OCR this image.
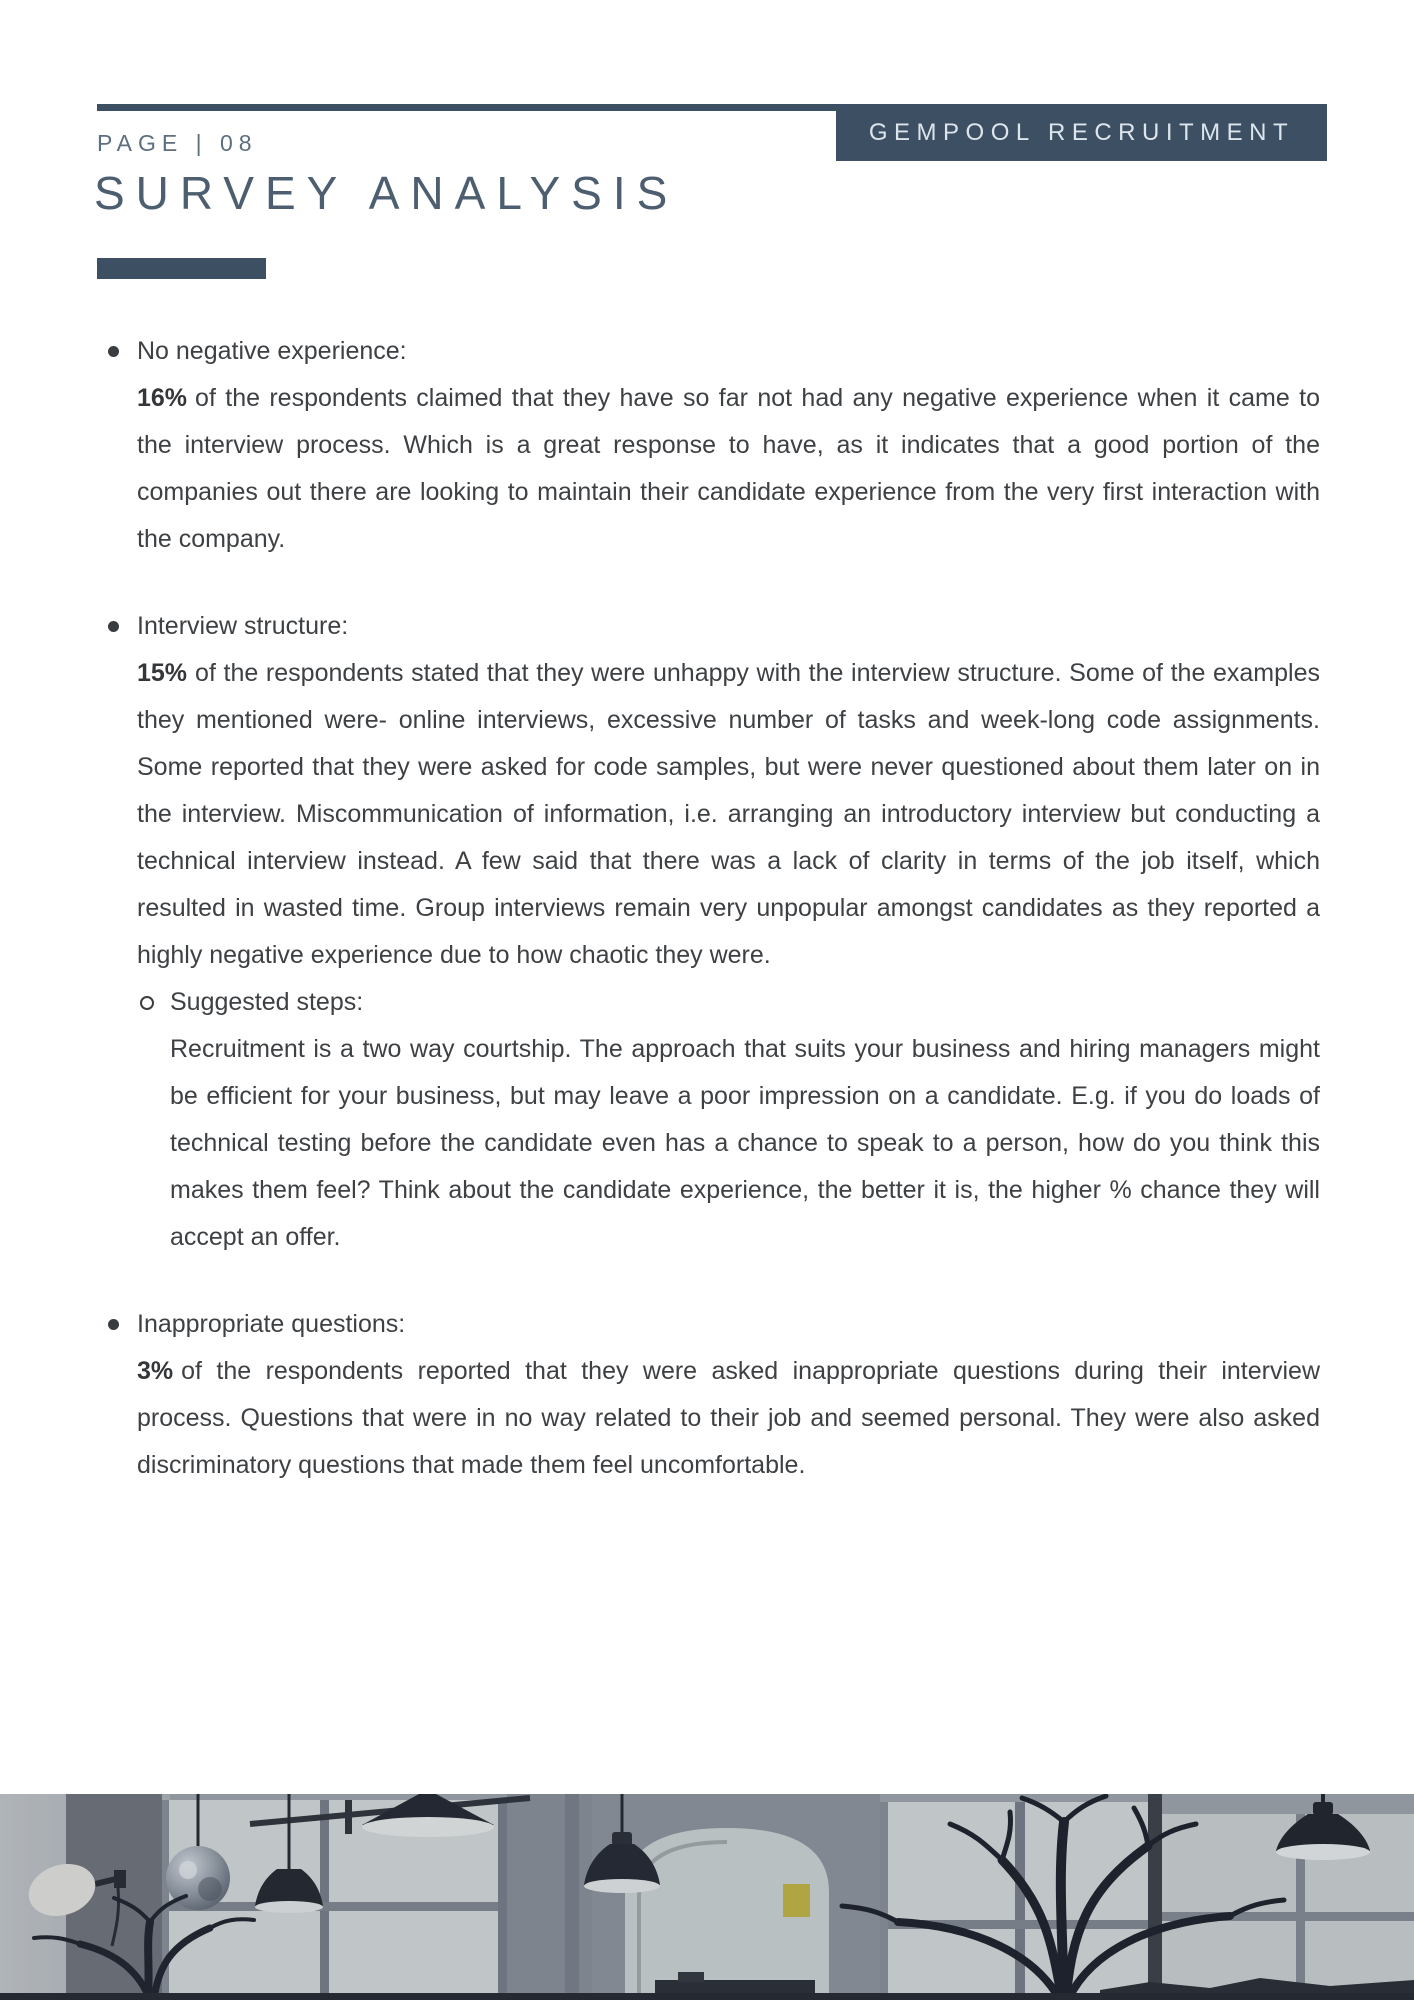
GEMPOOL RECRUITMENT
PAGE | 08
SURVEY ANALYSIS
No negative experience:

16% of the respondents claimed that they have so far not had any negative experience when it came to the interview process. Which is a great response to have, as it indicates that a good portion of the companies out there are looking to maintain their candidate experience from the very first interaction with the company.

Interview structure:

15% of the respondents stated that they were unhappy with the interview structure. Some of the examples they mentioned were- online interviews, excessive number of tasks and week-long code assignments. Some reported that they were asked for code samples, but were never questioned about them later on in the interview. Miscommunication of information, i.e. arranging an introductory interview but conducting a technical interview instead. A few said that there was a lack of clarity in terms of the job itself, which resulted in wasted time. Group interviews remain very unpopular amongst candidates as they reported a highly negative experience due to how chaotic they were.

Suggested steps:

Recruitment is a two way courtship. The approach that suits your business and hiring managers might be efficient for your business, but may leave a poor impression on a candidate. E.g. if you do loads of technical testing before the candidate even has a chance to speak to a person, how do you think this makes them feel? Think about the candidate experience, the better it is, the higher % chance they will accept an offer.

Inappropriate questions:

3% of the respondents reported that they were asked inappropriate questions during their interview process. Questions that were in no way related to their job and seemed personal. They were also asked discriminatory questions that made them feel uncomfortable.
